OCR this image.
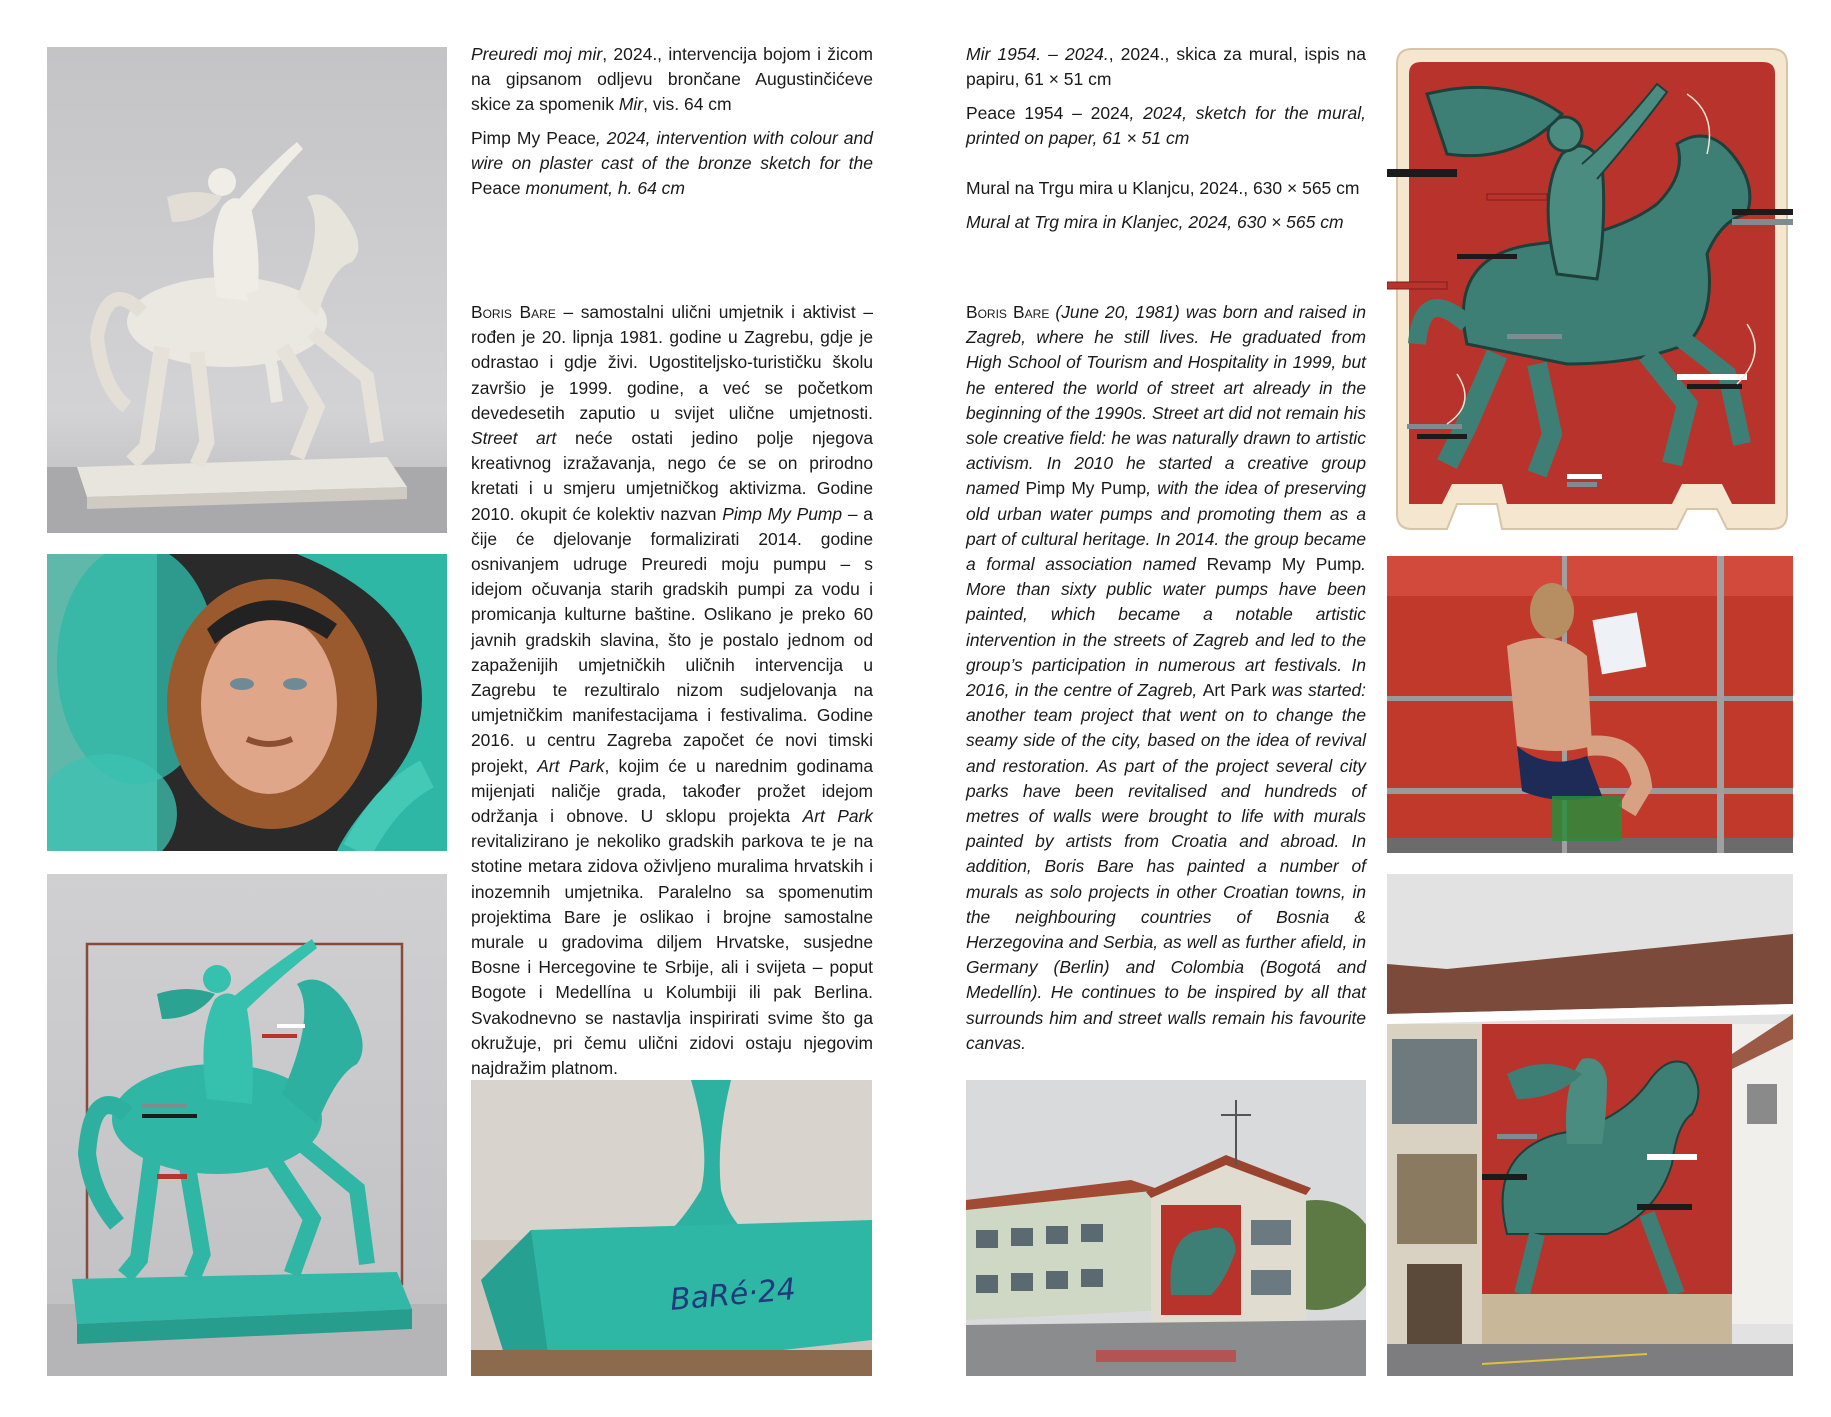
BaRé·24

Preuredi moj mir, 2024., intervencija bojom i žicom na gipsanom odljevu brončane Augustinčićeve skice za spomenik Mir, vis. 64 cm

Pimp My Peace, 2024, intervention with colour and wire on plaster cast of the bronze sketch for the Peace monument, h. 64 cm

Boris Bare – samostalni ulični umjetnik i aktivist – rođen je 20. lipnja 1981. godine u Zagrebu, gdje je odrastao i gdje živi. Ugostiteljsko-turističku školu završio je 1999. godine, a već se početkom devedesetih zaputio u svijet ulične umjetnosti. Street art neće ostati jedino polje njegova kreativnog izražavanja, nego će se on prirodno kretati i u smjeru umjetničkog aktivizma. Godine 2010. okupit će kolektiv nazvan Pimp My Pump – a čije će djelovanje formalizirati 2014. godine osnivanjem udruge Preuredi moju pumpu – s idejom očuvanja starih gradskih pumpi za vodu i promicanja kulturne baštine. Oslikano je preko 60 javnih gradskih slavina, što je postalo jednom od zapaženijih umjetničkih uličnih intervencija u Zagrebu te rezultiralo nizom sudjelovanja na umjetničkim manifestacijama i festivalima. Godine 2016. u centru Zagreba započet će novi timski projekt, Art Park, kojim će u narednim godinama mijenjati naličje grada, također prožet idejom održanja i obnove. U sklopu projekta Art Park revitalizirano je nekoliko gradskih parkova te je na stotine metara zidova oživljeno muralima hrvatskih i inozemnih umjetnika. Paralelno sa spomenutim projektima Bare je oslikao i brojne samostalne murale u gradovima diljem Hrvatske, susjedne Bosne i Hercegovine te Srbije, ali i svijeta – poput Bogote i Medellína u Kolumbiji ili pak Berlina. Svakodnevno se nastavlja inspirirati svime što ga okružuje, pri čemu ulični zidovi ostaju njegovim najdražim platnom.

Mir 1954. – 2024., 2024., skica za mural, ispis na papiru, 61 × 51 cm

Peace 1954 – 2024, 2024, sketch for the mural, printed on paper, 61 × 51 cm

Mural na Trgu mira u Klanjcu, 2024., 630 × 565 cm

Mural at Trg mira in Klanjec, 2024, 630 × 565 cm

Boris Bare (June 20, 1981) was born and raised in Zagreb, where he still lives. He graduated from High School of Tourism and Hospitality in 1999, but he entered the world of street art already in the beginning of the 1990s. Street art did not remain his sole creative field: he was naturally drawn to artistic activism. In 2010 he started a creative group named Pimp My Pump, with the idea of preserving old urban water pumps and promoting them as a part of cultural heritage. In 2014. the group became a formal association named Revamp My Pump. More than sixty public water pumps have been painted, which became a notable artistic intervention in the streets of Zagreb and led to the group’s participation in numerous art festivals. In 2016, in the centre of Zagreb, Art Park was started: another team project that went on to change the seamy side of the city, based on the idea of revival and restoration. As part of the project several city parks have been revitalised and hundreds of metres of walls were brought to life with murals painted by artists from Croatia and abroad. In addition, Boris Bare has painted a number of murals as solo projects in other Croatian towns, in the neighbouring countries of Bosnia & Herzegovina and Serbia, as well as further afield, in Germany (Berlin) and Colombia (Bogotá and Medellín). He continues to be inspired by all that surrounds him and street walls remain his favourite canvas.
